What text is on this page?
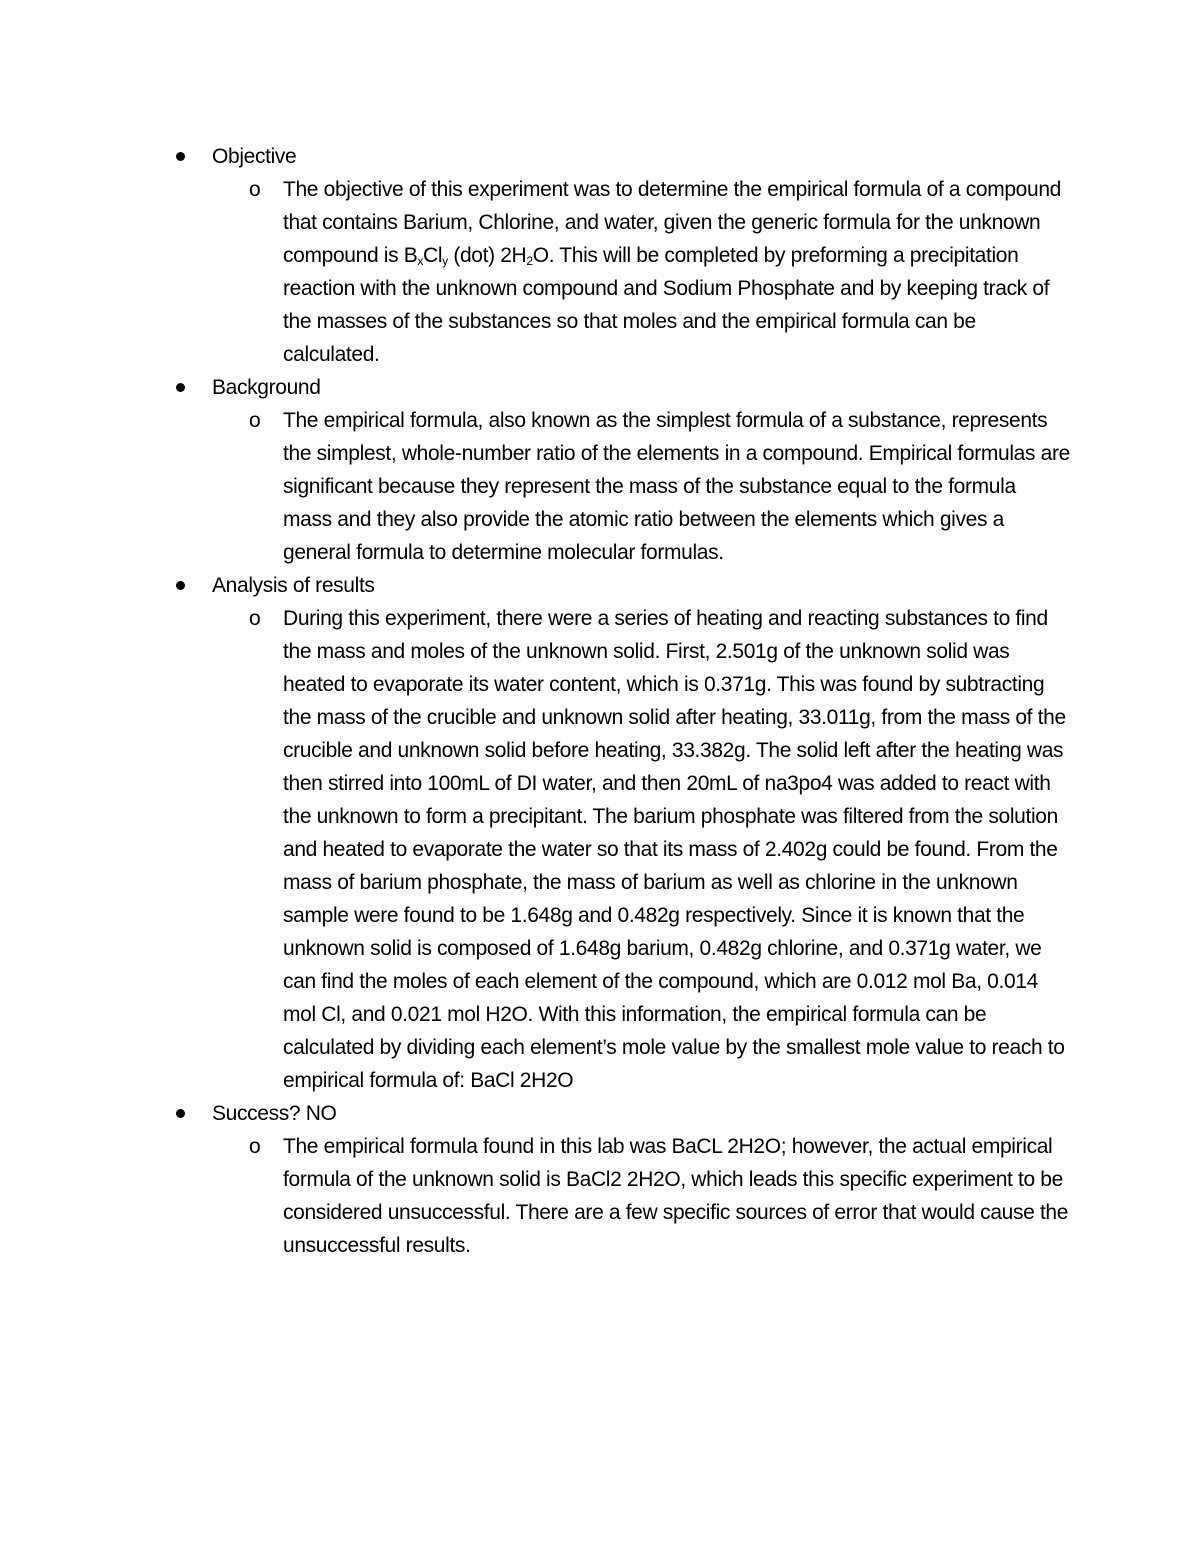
Objective
o The objective of this experiment was to determine the empirical formula of a compound that contains Barium, Chlorine, and water, given the generic formula for the unknown compound is $B_xCl_y$ (dot) $2H_2O$. This will be completed by preforming a precipitation reaction with the unknown compound and Sodium Phosphate and by keeping track of the masses of the substances so that moles and the empirical formula can be calculated.
Background
o The empirical formula, also known as the simplest formula of a substance, represents the simplest, whole-number ratio of the elements in a compound. Empirical formulas are significant because they represent the mass of the substance equal to the formula mass and they also provide the atomic ratio between the elements which gives a general formula to determine molecular formulas.
Analysis of results
o During this experiment, there were a series of heating and reacting substances to find the mass and moles of the unknown solid. First, 2.501g of the unknown solid was heated to evaporate its water content, which is 0.371g. This was found by subtracting the mass of the crucible and unknown solid after heating, 33.011g, from the mass of the crucible and unknown solid before heating, 33.382g. The solid left after the heating was then stirred into 100mL of DI water, and then 20mL of na3po4 was added to react with the unknown to form a precipitant. The barium phosphate was filtered from the solution and heated to evaporate the water so that its mass of 2.402g could be found. From the mass of barium phosphate, the mass of barium as well as chlorine in the unknown sample were found to be 1.648g and 0.482g respectively. Since it is known that the unknown solid is composed of 1.648g barium, 0.482g chlorine, and 0.371g water, we can find the moles of each element of the compound, which are 0.012 mol Ba, 0.014 mol Cl, and 0.021 mol H2O. With this information, the empirical formula can be calculated by dividing each element’s mole value by the smallest mole value to reach to empirical formula of: BaCl 2H2O
Success? NO
o The empirical formula found in this lab was BaCL 2H2O; however, the actual empirical formula of the unknown solid is BaCl2 2H2O, which leads this specific experiment to be considered unsuccessful. There are a few specific sources of error that would cause the unsuccessful results.
